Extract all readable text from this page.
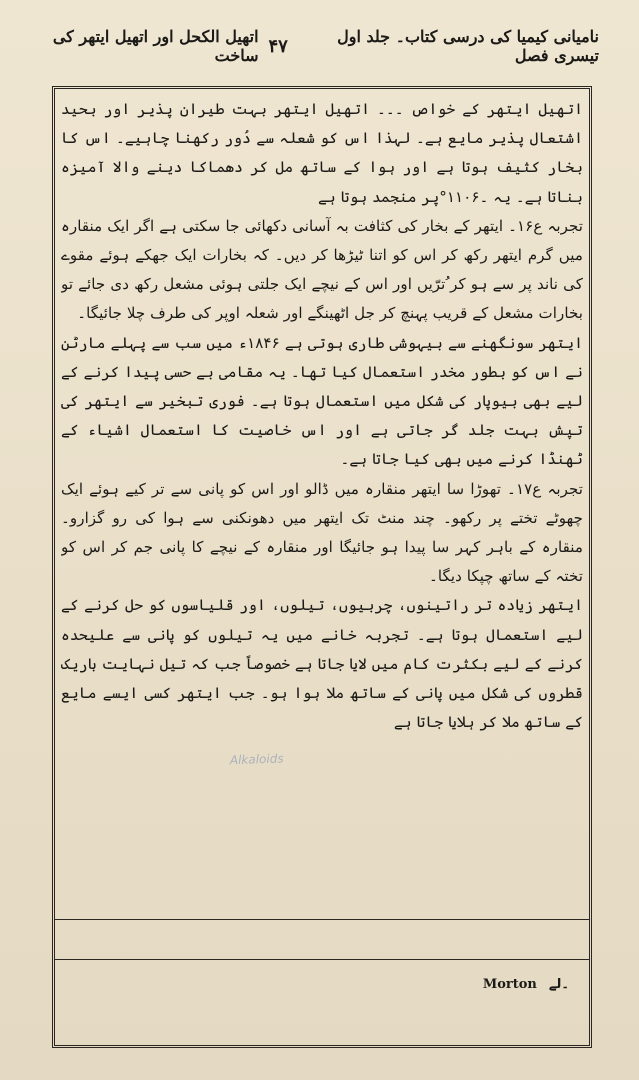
ناميانی کيميا کی درسی کتاب۔ جلد اول تيسری فصل
۴۷
اتھيل الکحل اور اتھيل ايتھر کی ساخت

اتھيل ايتھر کے خواص ۔۔۔ اتھيل ايتھر بہت طيران پذير اور بحيد اشتعال پذير مايع ہے۔ لہذا اس کو شعلہ سے دُور رکھنا چاہيے۔ اس کا بخار کثيف ہوتا ہے اور ہوا کے ساتھ مل کر دھماکا دينے والا آميزہ بناتا ہے۔ يہ ۔۱۱۰۶°پر منجمد ہوتا ہے

تجربہ ع۱۶۔ ايتھر کے بخار کی کثافت بہ آسانی دکھائی جا سکتی ہے اگر ايک منقارہ ميں گرم ايتھر رکھ کر اس کو اتنا ٹيڑھا کر ديں۔ کہ بخارات ايک جھکے ہوئے مقوے کی ناند پر سے ہو کر ُترّيں اور اس کے نيچے ايک جلتی ہوئی مشعل رکھ دی جائے تو بخارات مشعل کے قريب پہنچ کر جل اٹھينگے اور شعلہ اوپر کی طرف چلا جائيگا۔

ايتھر سونگھنے سے بيہوشی طاری ہوتی ہے ۱۸۴۶ء ميں سب سے پہلے مارٹن نے اس کو بطور مخدر استعمال کيا تھا۔ يہ مقامی بے حسی پيدا کرنے کے ليے بھی بيوپار کی شکل ميں استعمال ہوتا ہے۔ فوری تبخير سے ايتھر کی تپش بہت جلد گر جاتی ہے اور اس خاصيت کا استعمال اشياء کے ٹھنڈا کرنے ميں بھی کيا جاتا ہے۔

تجربہ ع۱۷۔ تھوڑا سا ايتھر منقارہ ميں ڈالو اور اس کو پانی سے تر کيے ہوئے ايک چھوٹے تختے پر رکھو۔ چند منٹ تک ايتھر ميں دھونکنی سے ہوا کی رو گزارو۔ منقارہ کے باہر کہر سا پيدا ہو جائيگا اور منقارہ کے نيچے کا پانی جم کر اس کو تختہ کے ساتھ چپکا ديگا۔

ايتھر زيادہ تر راتينوں، چربيوں، تيلوں، اور قلياسوں کو حل کرنے کے ليے استعمال ہوتا ہے۔ تجربہ خانے ميں يہ تيلوں کو پانی سے عليحدہ کرنے کے ليے بکثرت کام ميں لايا جاتا ہے خصوصاً جب کہ تيل نہايت باريک قطروں کی شکل ميں پانی کے ساتھ ملا ہوا ہو۔ جب ايتھر کسی ايسے مايع کے ساتھ ملا کر ہلايا جاتا ہے

Morton ۔لے
Alkaloids
